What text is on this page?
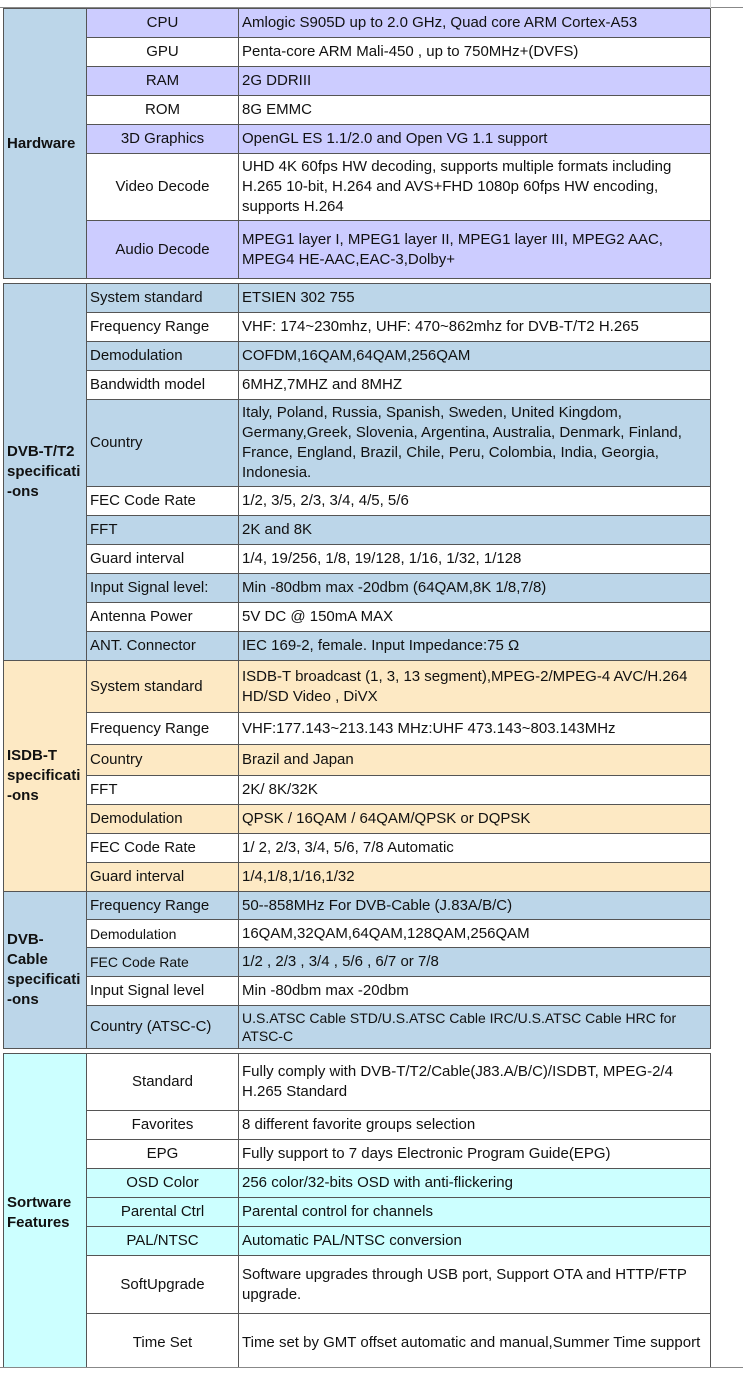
Hardware	CPU	Amlogic S905D up to 2.0 GHz, Quad core ARM Cortex-A53
	GPU	Penta-core ARM Mali-450 , up to 750MHz+(DVFS)
	RAM	2G DDRIII
	ROM	8G EMMC
	3D Graphics	OpenGL ES 1.1/2.0 and Open VG 1.1 support
	Video Decode	UHD 4K 60fps HW decoding, supports multiple formats including H.265 10-bit, H.264 and AVS+FHD 1080p 60fps HW encoding, supports H.264
	Audio Decode	MPEG1 layer I, MPEG1 layer II, MPEG1 layer III, MPEG2 AAC, MPEG4 HE-AAC,EAC-3,Dolby+

DVB-T/T2 specificati -ons	System standard	ETSIEN 302 755
	Frequency Range	VHF: 174~230mhz, UHF: 470~862mhz for DVB-T/T2 H.265
	Demodulation	COFDM,16QAM,64QAM,256QAM
	Bandwidth model	6MHZ,7MHZ and 8MHZ
	Country	Italy, Poland, Russia, Spanish, Sweden, United Kingdom, Germany,Greek, Slovenia, Argentina, Australia, Denmark, Finland, France, England, Brazil, Chile, Peru, Colombia, India, Georgia, Indonesia.
	FEC Code Rate	1/2, 3/5, 2/3, 3/4, 4/5, 5/6
	FFT	2K and 8K
	Guard interval	1/4, 19/256, 1/8, 19/128, 1/16, 1/32, 1/128
	Input Signal level:	Min -80dbm max -20dbm (64QAM,8K 1/8,7/8)
	Antenna Power	5V DC @ 150mA MAX
	ANT. Connector	IEC 169-2, female. Input Impedance:75 Ω
ISDB-T specificati -ons	System standard	ISDB-T broadcast (1, 3, 13 segment),MPEG-2/MPEG-4 AVC/H.264 HD/SD Video , DiVX
	Frequency Range	VHF:177.143~213.143 MHz:UHF 473.143~803.143MHz
	Country	Brazil and Japan
	FFT	2K/ 8K/32K
	Demodulation	QPSK / 16QAM / 64QAM/QPSK or DQPSK
	FEC Code Rate	1/ 2, 2/3, 3/4, 5/6, 7/8 Automatic
	Guard interval	1/4,1/8,1/16,1/32
DVB- Cable specificati -ons	Frequency Range	50--858MHz For DVB-Cable (J.83A/B/C)
	Demodulation	16QAM,32QAM,64QAM,128QAM,256QAM
	FEC Code Rate	1/2 , 2/3 , 3/4 , 5/6 , 6/7 or 7/8
	Input Signal level	Min -80dbm max -20dbm
	Country (ATSC-C)	U.S.ATSC Cable STD/U.S.ATSC Cable IRC/U.S.ATSC Cable HRC for ATSC-C

Sortware Features	Standard	Fully comply with DVB-T/T2/Cable(J83.A/B/C)/ISDBT, MPEG-2/4 H.265 Standard
	Favorites	8 different favorite groups selection
	EPG	Fully support to 7 days Electronic Program Guide(EPG)
	OSD Color	256 color/32-bits OSD with anti-flickering
	Parental Ctrl	Parental control for channels
	PAL/NTSC	Automatic PAL/NTSC conversion
	SoftUpgrade	Software upgrades through USB port, Support OTA and HTTP/FTP upgrade.
	Time Set	Time set by GMT offset automatic and manual,Summer Time support
